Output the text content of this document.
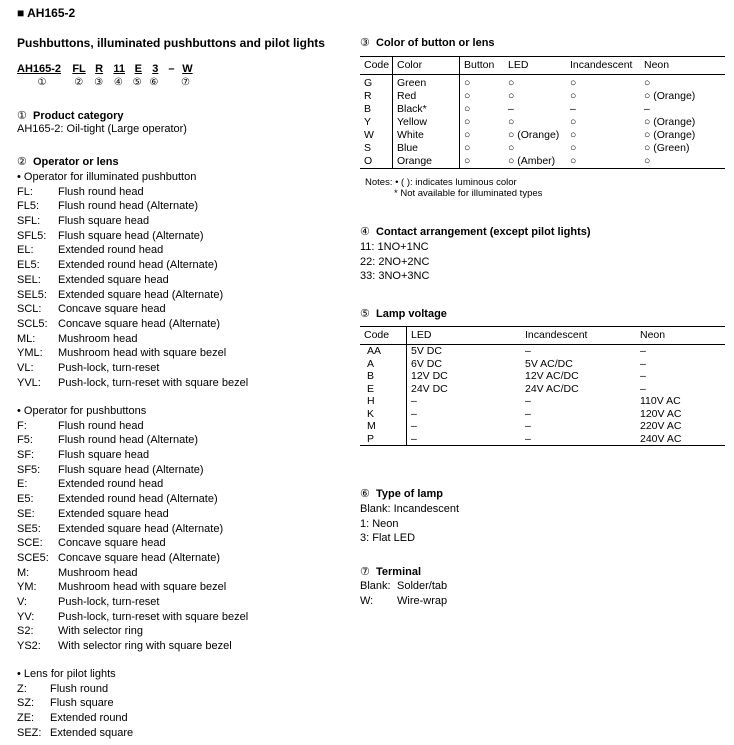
■ AH165-2
Pushbuttons, illuminated pushbuttons and pilot lights
AH165-2 FL R 11 E 3 – W
①	② ③ ④ ⑤ ⑥ ⑦
① Product category
AH165-2: Oil-tight (Large operator)
② Operator or lens
• Operator for illuminated pushbutton
FL: Flush round head
FL5: Flush round head (Alternate)
SFL: Flush square head
SFL5: Flush square head (Alternate)
EL: Extended round head
EL5: Extended round head (Alternate)
SEL: Extended square head
SEL5: Extended square head (Alternate)
SCL: Concave square head
SCL5: Concave square head (Alternate)
ML: Mushroom head
YML: Mushroom head with square bezel
VL: Push-lock, turn-reset
YVL: Push-lock, turn-reset with square bezel
• Operator for pushbuttons
F:	Flush round head
F5: Flush round head (Alternate)
SF: Flush square head
SF5: Flush square head (Alternate)
E:	Extended round head
E5: Extended round head (Alternate)
SE: Extended square head
SE5: Extended square head (Alternate)
SCE: Concave square head
SCE5: Concave square head (Alternate)
M:	Mushroom head
YM: Mushroom head with square bezel
V:	Push-lock, turn-reset
YV: Push-lock, turn-reset with square bezel
S2: With selector ring
YS2: With selector ring with square bezel
• Lens for pilot lights
Z: Flush round
SZ: Flush square
ZE: Extended round
SEZ: Extended square
③ Color of button or lens
Code	Color	Button	LED	Incandescent	Neon
G	Green	○	○	○	○
R	Red	○	○	○	○ (Orange)
B	Black*	○	–	–	–
Y	Yellow	○	○	○	○ (Orange)
W	White	○	○ (Orange)	○	○ (Orange)
S	Blue	○	○	○	○ (Green)
O	Orange	○	○ (Amber)	○	○
Notes: • ( ): indicates luminous color
* Not available for illuminated types
④ Contact arrangement (except pilot lights)
11: 1NO+1NC
22: 2NO+2NC
33: 3NO+3NC
⑤ Lamp voltage
Code	LED	Incandescent	Neon
AA	5V DC	–	–
A	6V DC	5V AC/DC	–
B	12V DC	12V AC/DC	–
E	24V DC	24V AC/DC	–
H	–	–	110V AC
K	–	–	120V AC
M	–	–	220V AC
P	–	–	240V AC
⑥ Type of lamp
Blank: Incandescent
1: Neon
3: Flat LED
⑦ Terminal
Blank: Solder/tab
W: Wire-wrap
